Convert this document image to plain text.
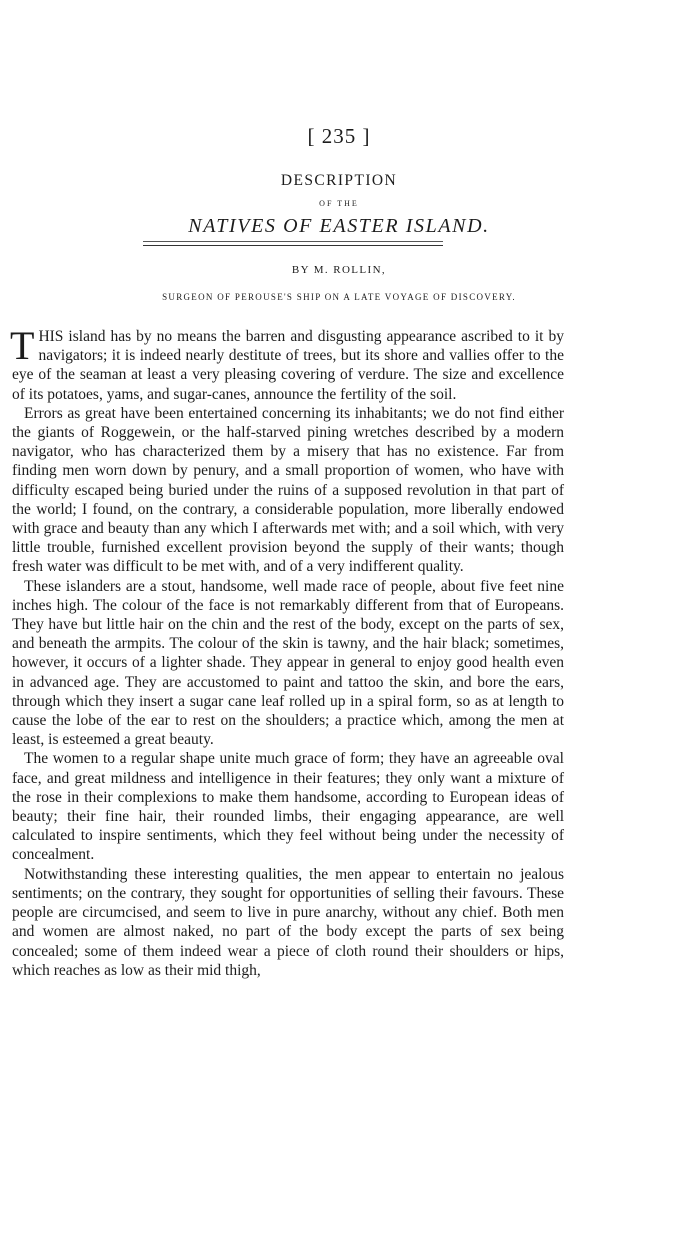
[ 235 ]
DESCRIPTION
OF THE
NATIVES OF EASTER ISLAND.
BY M. ROLLIN,
SURGEON OF PEROUSE'S SHIP ON A LATE VOYAGE OF DISCOVERY.

THIS island has by no means the barren and disgusting appearance ascribed to it by navigators; it is indeed nearly destitute of trees, but its shore and vallies offer to the eye of the seaman at least a very pleasing covering of verdure. The size and excellence of its potatoes, yams, and sugar-canes, announce the fertility of the soil.

Errors as great have been entertained concerning its inhabitants; we do not find either the giants of Roggewein, or the half-starved pining wretches described by a modern navigator, who has characterized them by a misery that has no existence. Far from finding men worn down by penury, and a small proportion of women, who have with difficulty escaped being buried under the ruins of a supposed revolution in that part of the world; I found, on the contrary, a considerable population, more liberally endowed with grace and beauty than any which I afterwards met with; and a soil which, with very little trouble, furnished excellent provision beyond the supply of their wants; though fresh water was difficult to be met with, and of a very indifferent quality.

These islanders are a stout, handsome, well made race of people, about five feet nine inches high. The colour of the face is not remarkably different from that of Europeans. They have but little hair on the chin and the rest of the body, except on the parts of sex, and beneath the armpits. The colour of the skin is tawny, and the hair black; sometimes, however, it occurs of a lighter shade. They appear in general to enjoy good health even in advanced age. They are accustomed to paint and tattoo the skin, and bore the ears, through which they insert a sugar cane leaf rolled up in a spiral form, so as at length to cause the lobe of the ear to rest on the shoulders; a practice which, among the men at least, is esteemed a great beauty.

The women to a regular shape unite much grace of form; they have an agreeable oval face, and great mildness and intelligence in their features; they only want a mixture of the rose in their complexions to make them handsome, according to European ideas of beauty; their fine hair, their rounded limbs, their engaging appearance, are well calculated to inspire sentiments, which they feel without being under the necessity of concealment.

Notwithstanding these interesting qualities, the men appear to entertain no jealous sentiments; on the contrary, they sought for opportunities of selling their favours. These people are circumcised, and seem to live in pure anarchy, without any chief. Both men and women are almost naked, no part of the body except the parts of sex being concealed; some of them indeed wear a piece of cloth round their shoulders or hips, which reaches as low as their mid thigh,
